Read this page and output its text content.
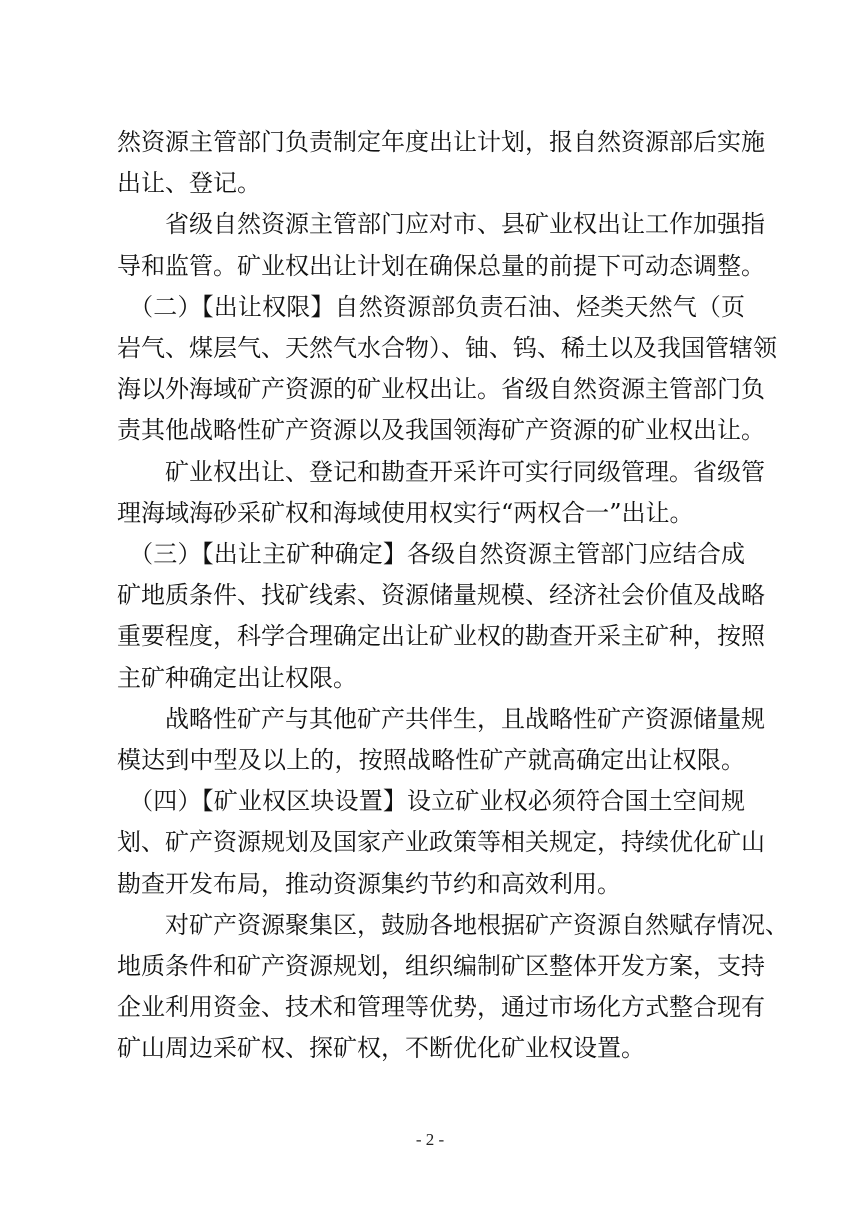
然资源主管部门负责制定年度出让计划，报自然资源部后实施
出让、登记。
　　省级自然资源主管部门应对市、县矿业权出让工作加强指
导和监管。矿业权出让计划在确保总量的前提下可动态调整。
　（二）【出让权限】自然资源部负责石油、烃类天然气（页
岩气、煤层气、天然气水合物）、铀、钨、稀土以及我国管辖领
海以外海域矿产资源的矿业权出让。省级自然资源主管部门负
责其他战略性矿产资源以及我国领海矿产资源的矿业权出让。
　　矿业权出让、登记和勘查开采许可实行同级管理。省级管
理海域海砂采矿权和海域使用权实行“两权合一”出让。
　（三）【出让主矿种确定】各级自然资源主管部门应结合成
矿地质条件、找矿线索、资源储量规模、经济社会价值及战略
重要程度，科学合理确定出让矿业权的勘查开采主矿种，按照
主矿种确定出让权限。
　　战略性矿产与其他矿产共伴生，且战略性矿产资源储量规
模达到中型及以上的，按照战略性矿产就高确定出让权限。
　（四）【矿业权区块设置】设立矿业权必须符合国土空间规
划、矿产资源规划及国家产业政策等相关规定，持续优化矿山
勘查开发布局，推动资源集约节约和高效利用。
　　对矿产资源聚集区，鼓励各地根据矿产资源自然赋存情况、
地质条件和矿产资源规划，组织编制矿区整体开发方案，支持
企业利用资金、技术和管理等优势，通过市场化方式整合现有
矿山周边采矿权、探矿权，不断优化矿业权设置。
- 2 -
